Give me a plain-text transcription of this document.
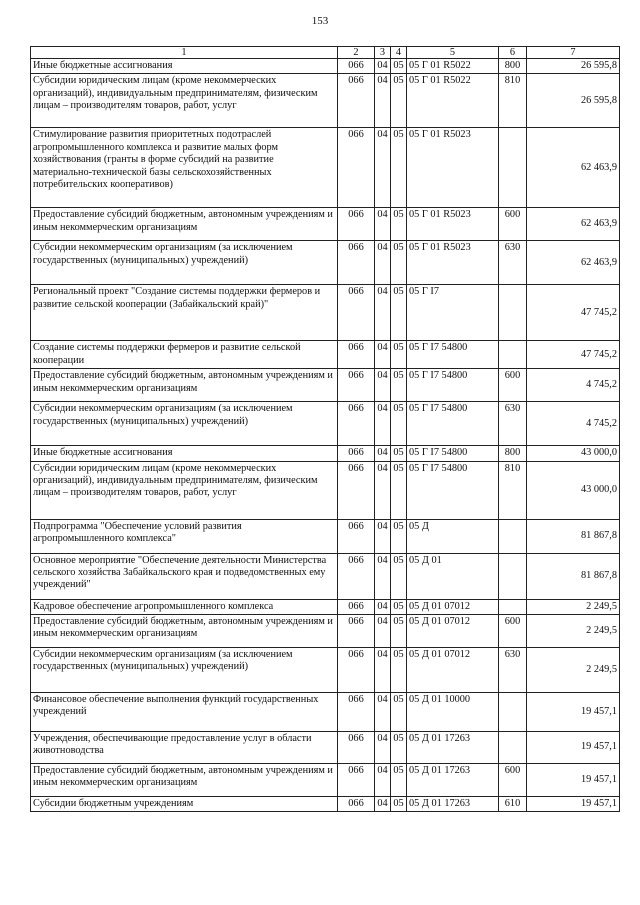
153
1	2	3	4	5	6	7
Иные бюджетные ассигнования	066	04	05	05 Г 01 R5022	800	26 595,8
Субсидии юридическим лицам (кроме некоммерческих организаций), индивидуальным предпринимателям, физическим лицам – производителям товаров, работ, услуг	066	04	05	05 Г 01 R5022	810	26 595,8
Стимулирование развития приоритетных подотраслей агропромышленного комплекса и развитие малых форм хозяйствования (гранты в форме субсидий на развитие материально-технической базы сельскохозяйственных потребительских кооперативов)	066	04	05	05 Г 01 R5023		62 463,9
Предоставление субсидий бюджетным, автономным учреждениям и иным некоммерческим организациям	066	04	05	05 Г 01 R5023	600	62 463,9
Субсидии некоммерческим организациям (за исключением государственных (муниципальных) учреждений)	066	04	05	05 Г 01 R5023	630	62 463,9
Региональный проект "Создание системы поддержки фермеров и развитие сельской кооперации (Забайкальский край)"	066	04	05	05 Г I7		47 745,2
Создание системы поддержки фермеров и развитие сельской кооперации	066	04	05	05 Г I7 54800		47 745,2
Предоставление субсидий бюджетным, автономным учреждениям и иным некоммерческим организациям	066	04	05	05 Г I7 54800	600	4 745,2
Субсидии некоммерческим организациям (за исключением государственных (муниципальных) учреждений)	066	04	05	05 Г I7 54800	630	4 745,2
Иные бюджетные ассигнования	066	04	05	05 Г I7 54800	800	43 000,0
Субсидии юридическим лицам (кроме некоммерческих организаций), индивидуальным предпринимателям, физическим лицам – производителям товаров, работ, услуг	066	04	05	05 Г I7 54800	810	43 000,0
Подпрограмма "Обеспечение условий развития агропромышленного комплекса"	066	04	05	05 Д		81 867,8
Основное мероприятие "Обеспечение деятельности Министерства сельского хозяйства Забайкальского края и подведомственных ему учреждений"	066	04	05	05 Д 01		81 867,8
Кадровое обеспечение агропромышленного комплекса	066	04	05	05 Д 01 07012		2 249,5
Предоставление субсидий бюджетным, автономным учреждениям и иным некоммерческим организациям	066	04	05	05 Д 01 07012	600	2 249,5
Субсидии некоммерческим организациям (за исключением государственных (муниципальных) учреждений)	066	04	05	05 Д 01 07012	630	2 249,5
Финансовое обеспечение выполнения функций государственных учреждений	066	04	05	05 Д 01 10000		19 457,1
Учреждения, обеспечивающие предоставление услуг в области животноводства	066	04	05	05 Д 01 17263		19 457,1
Предоставление субсидий бюджетным, автономным учреждениям и иным некоммерческим организациям	066	04	05	05 Д 01 17263	600	19 457,1
Субсидии бюджетным учреждениям	066	04	05	05 Д 01 17263	610	19 457,1
